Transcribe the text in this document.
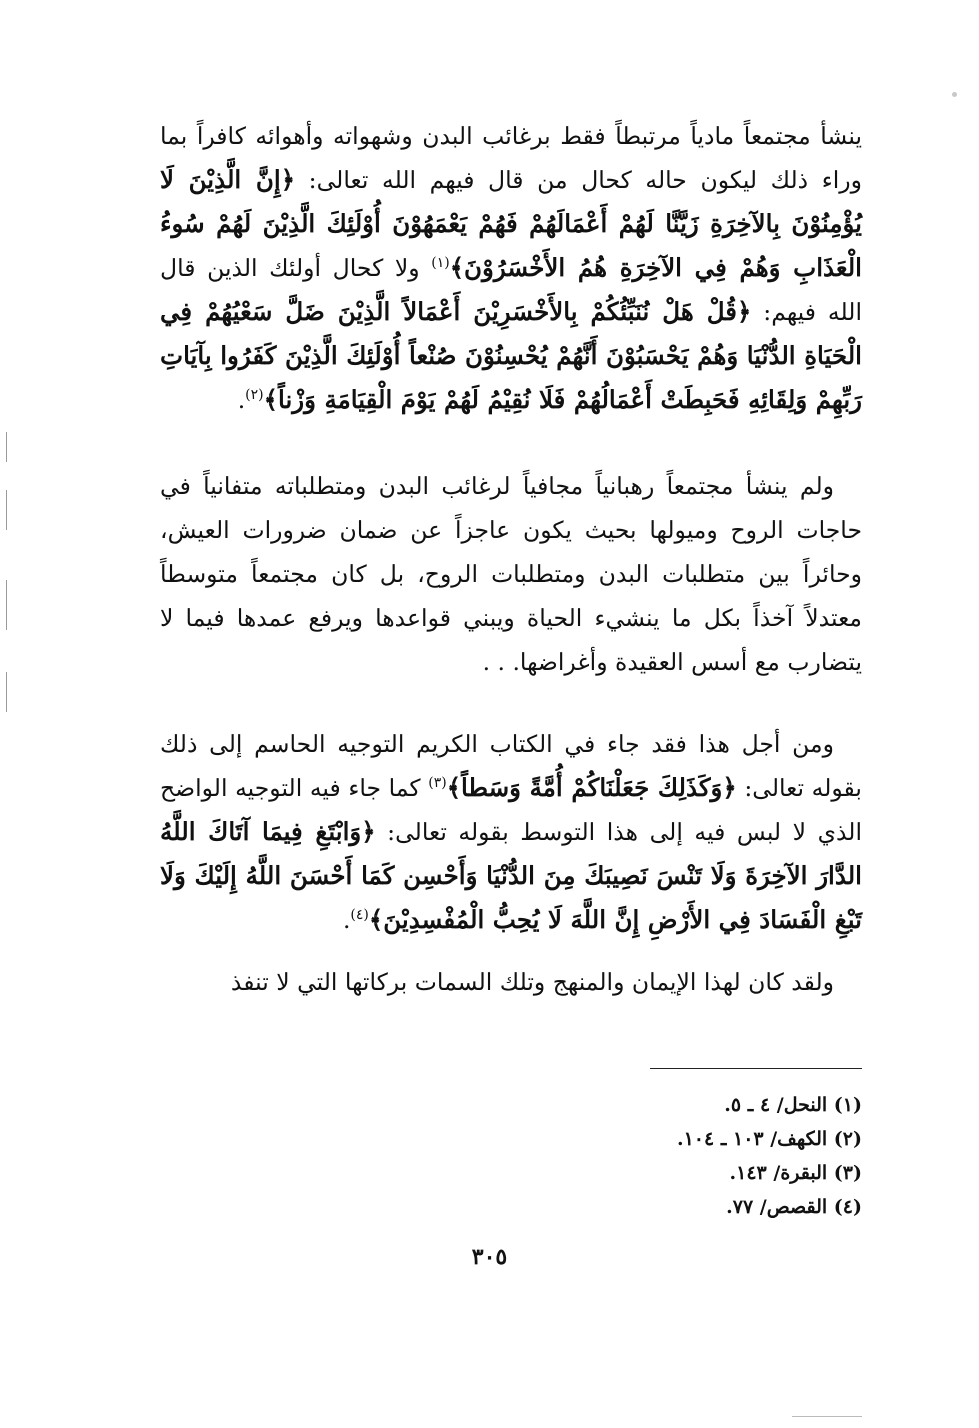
ينشأ مجتمعاً مادياً مرتبطاً فقط برغائب البدن وشهواته وأهوائه كافراً بما وراء ذلك ليكون حاله كحال من قال فيهم الله تعالى: ﴿إِنَّ الَّذِيْنَ لَا يُؤْمِنُوْنَ بِالآخِرَةِ زَيَّنَّا لَهُمْ أَعْمَالَهُمْ فَهُمْ يَعْمَهُوْنَ أُوْلَئِكَ الَّذِيْنَ لَهُمْ سُوءُ الْعَذَابِ وَهُمْ فِي الآخِرَةِ هُمُ الأَخْسَرُوْنَ﴾$^{(١)}$ ولا كحال أولئك الذين قال الله فيهم: ﴿قُلْ هَلْ نُنَبِّئُكُمْ بِالأَخْسَرِيْنَ أَعْمَالاً الَّذِيْنَ ضَلَّ سَعْيُهُمْ فِي الْحَيَاةِ الدُّنْيَا وَهُمْ يَحْسَبُوْنَ أَنَّهُمْ يُحْسِنُوْنَ صُنْعاً أُوْلَئِكَ الَّذِيْنَ كَفَرُوا بِآيَاتِ رَبِّهِمْ وَلِقَائِهِ فَحَبِطَتْ أَعْمَالُهُمْ فَلَا نُقِيْمُ لَهُمْ يَوْمَ الْقِيَامَةِ وَزْناً﴾$^{(٢)}$.

ولم ينشأ مجتمعاً رهبانياً مجافياً لرغائب البدن ومتطلباته متفانياً في حاجات الروح وميولها بحيث يكون عاجزاً عن ضمان ضرورات العيش، وحائراً بين متطلبات البدن ومتطلبات الروح، بل كان مجتمعاً متوسطاً معتدلاً آخذاً بكل ما ينشيء الحياة ويبني قواعدها ويرفع عمدها فيما لا يتضارب مع أسس العقيدة وأغراضها. . .

ومن أجل هذا فقد جاء في الكتاب الكريم التوجيه الحاسم إلى ذلك بقوله تعالى: ﴿وَكَذَلِكَ جَعَلْنَاكُمْ أُمَّةً وَسَطاً﴾$^{(٣)}$ كما جاء فيه التوجيه الواضح الذي لا لبس فيه إلى هذا التوسط بقوله تعالى: ﴿وَابْتَغِ فِيمَا آتَاكَ اللَّهُ الدَّارَ الآخِرَةَ وَلَا تَنْسَ نَصِيبَكَ مِنَ الدُّنْيَا وَأَحْسِن كَمَا أَحْسَنَ اللَّهُ إِلَيْكَ وَلَا تَبْغِ الْفَسَادَ فِي الأَرْضِ إِنَّ اللَّهَ لَا يُحِبُّ الْمُفْسِدِيْنَ﴾$^{(٤)}$.

ولقد كان لهذا الإيمان والمنهج وتلك السمات بركاتها التي لا تنفذ

(١) النحل/ ٤ ـ ٥.
(٢) الكهف/ ١٠٣ ـ ١٠٤.
(٣) البقرة/ ١٤٣.
(٤) القصص/ ٧٧.
٣٠٥
